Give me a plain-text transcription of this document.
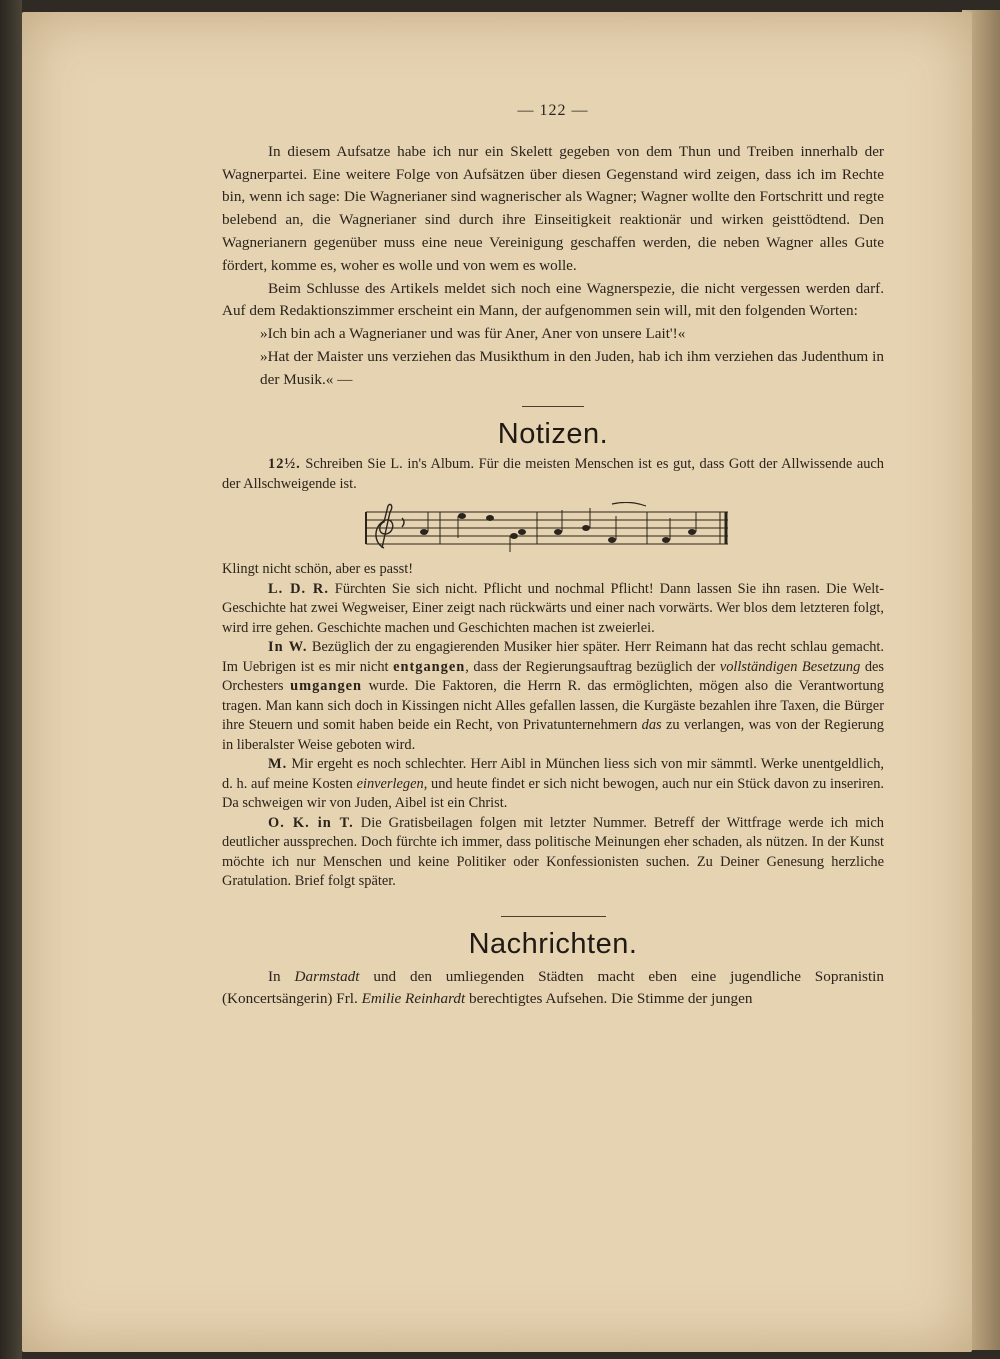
— 122 —

In diesem Aufsatze habe ich nur ein Skelett gegeben von dem Thun und Treiben innerhalb der Wagnerpartei. Eine weitere Folge von Aufsätzen über diesen Gegenstand wird zeigen, dass ich im Rechte bin, wenn ich sage: Die Wagnerianer sind wagnerischer als Wagner; Wagner wollte den Fortschritt und regte belebend an, die Wagnerianer sind durch ihre Einseitigkeit reaktionär und wirken geisttödtend. Den Wagnerianern gegenüber muss eine neue Vereinigung geschaffen werden, die neben Wagner alles Gute fördert, komme es, woher es wolle und von wem es wolle.

Beim Schlusse des Artikels meldet sich noch eine Wagnerspezie, die nicht vergessen werden darf. Auf dem Redaktionszimmer erscheint ein Mann, der aufgenommen sein will, mit den folgenden Worten:

»Ich bin ach a Wagnerianer und was für Aner, Aner von unsere Lait'!«

»Hat der Maister uns verziehen das Musikthum in den Juden, hab ich ihm verziehen das Judenthum in der Musik.« —

Notizen.

12½. Schreiben Sie L. in's Album. Für die meisten Menschen ist es gut, dass Gott der Allwissende auch der Allschweigende ist.

Klingt nicht schön, aber es passt!

L. D. R. Fürchten Sie sich nicht. Pflicht und nochmal Pflicht! Dann lassen Sie ihn rasen. Die Welt-Geschichte hat zwei Wegweiser, Einer zeigt nach rückwärts und einer nach vorwärts. Wer blos dem letzteren folgt, wird irre gehen. Geschichte machen und Geschichten machen ist zweierlei.

In W. Bezüglich der zu engagierenden Musiker hier später. Herr Reimann hat das recht schlau gemacht. Im Uebrigen ist es mir nicht entgangen, dass der Regierungsauftrag bezüglich der vollständigen Besetzung des Orchesters umgangen wurde. Die Faktoren, die Herrn R. das ermöglichten, mögen also die Verantwortung tragen. Man kann sich doch in Kissingen nicht Alles gefallen lassen, die Kurgäste bezahlen ihre Taxen, die Bürger ihre Steuern und somit haben beide ein Recht, von Privatunternehmern das zu verlangen, was von der Regierung in liberalster Weise geboten wird.

M. Mir ergeht es noch schlechter. Herr Aibl in München liess sich von mir sämmtl. Werke unentgeldlich, d. h. auf meine Kosten einverlegen, und heute findet er sich nicht bewogen, auch nur ein Stück davon zu inseriren. Da schweigen wir von Juden, Aibel ist ein Christ.

O. K. in T. Die Gratisbeilagen folgen mit letzter Nummer. Betreff der Wittfrage werde ich mich deutlicher aussprechen. Doch fürchte ich immer, dass politische Meinungen eher schaden, als nützen. In der Kunst möchte ich nur Menschen und keine Politiker oder Konfessionisten suchen. Zu Deiner Genesung herzliche Gratulation. Brief folgt später.

Nachrichten.

In Darmstadt und den umliegenden Städten macht eben eine jugendliche Sopranistin (Koncertsängerin) Frl. Emilie Reinhardt berechtigtes Aufsehen. Die Stimme der jungen
